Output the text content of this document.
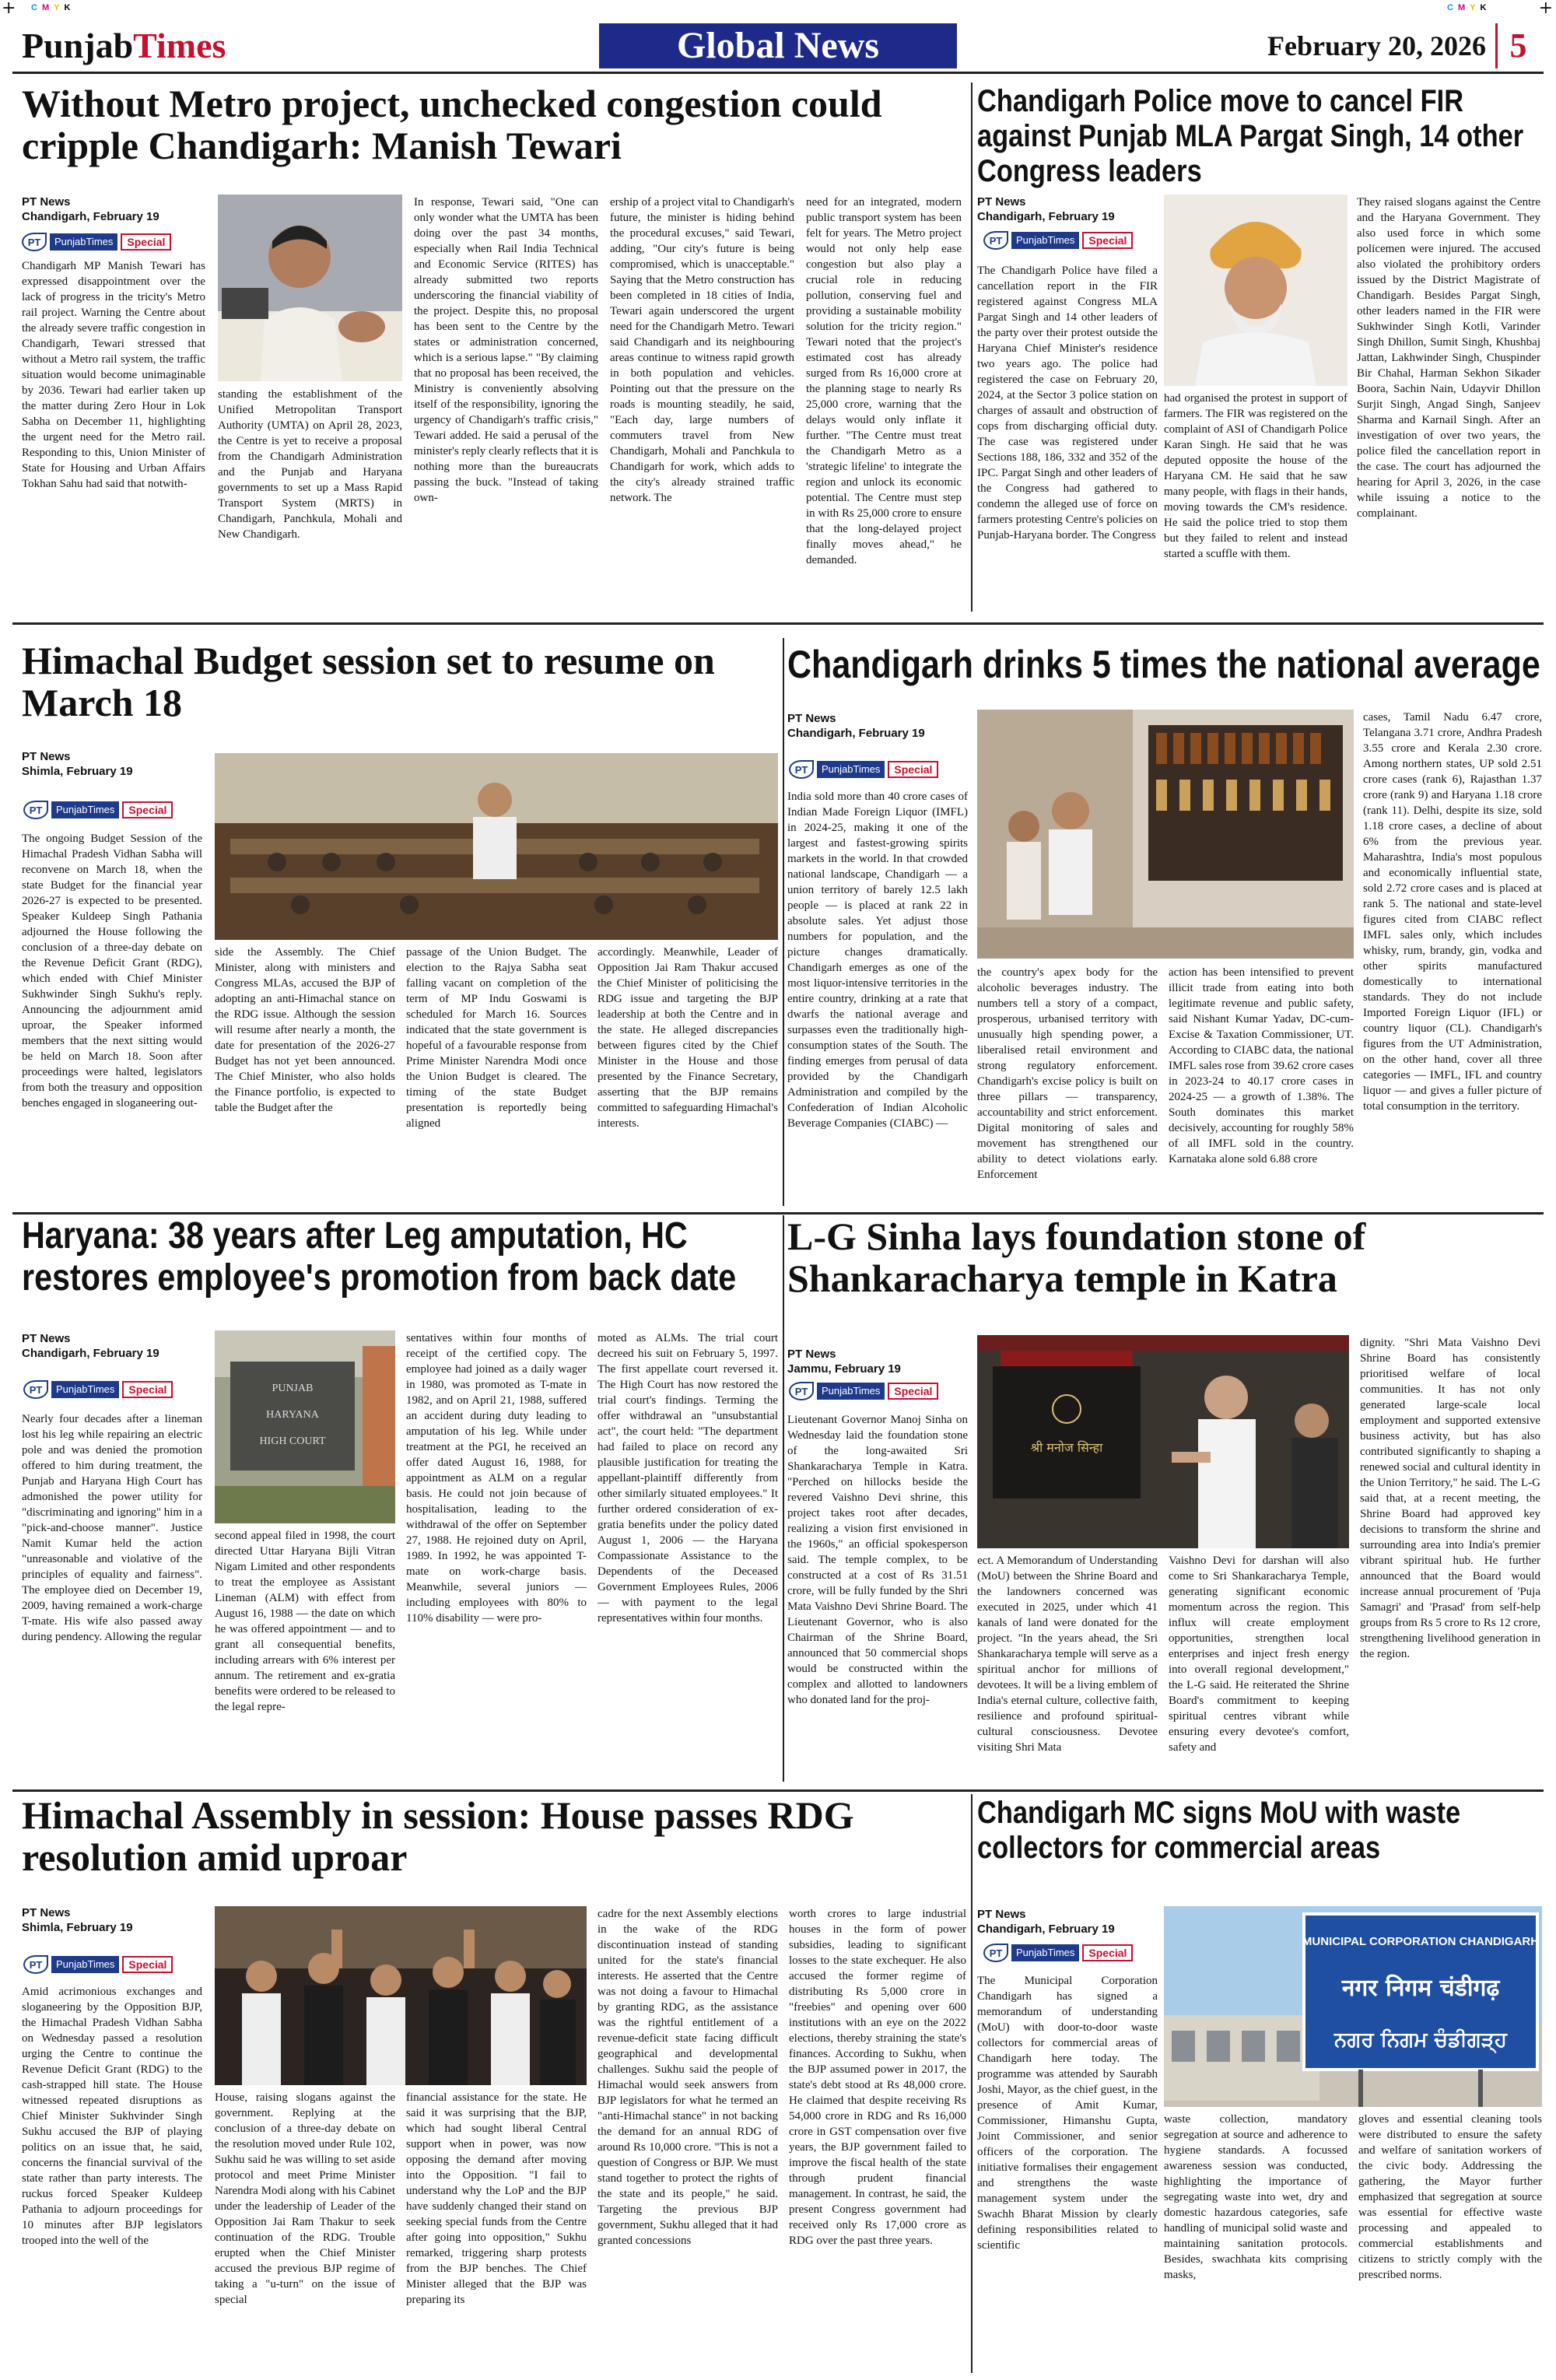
+ CMYK	CMYK	+
PunjabTimes	Global News	February 20, 2026 5
Without Metro project, unchecked congestion could cripple Chandigarh: Manish Tewari
PT News
Chandigarh, February 19
PT	PunjabTimes	Special
Chandigarh MP Manish Tewari has expressed disappointment over the lack of progress in the tricity's Metro rail project. Warning the Centre about the already severe traffic congestion in Chandigarh, Tewari stressed that without a Metro rail system, the traffic situation would become unimaginable by 2036. Tewari had earlier taken up the matter during Zero Hour in Lok Sabha on December 11, highlighting the urgent need for the Metro rail. Responding to this, Union Minister of State for Housing and Urban Affairs Tokhan Sahu had said that notwith-
standing the establishment of the Unified Metropolitan Transport Authority (UMTA) on April 28, 2023, the Centre is yet to receive a proposal from the Chandigarh Administration and the Punjab and Haryana governments to set up a Mass Rapid Transport System (MRTS) in Chandigarh, Panchkula, Mohali and New Chandigarh.
In response, Tewari said, "One can only wonder what the UMTA has been doing over the past 34 months, especially when Rail India Technical and Economic Service (RITES) has already submitted two reports underscoring the financial viability of the project. Despite this, no proposal has been sent to the Centre by the states or administration concerned, which is a serious lapse." "By claiming that no proposal has been received, the Ministry is conveniently absolving itself of the responsibility, ignoring the urgency of Chandigarh's traffic crisis," Tewari added. He said a perusal of the minister's reply clearly reflects that it is nothing more than the bureaucrats passing the buck. "Instead of taking own-
ership of a project vital to Chandigarh's future, the minister is hiding behind the procedural excuses," said Tewari, adding, "Our city's future is being compromised, which is unacceptable." Saying that the Metro construction has been completed in 18 cities of India, Tewari again underscored the urgent need for the Chandigarh Metro. Tewari said Chandigarh and its neighbouring areas continue to witness rapid growth in both population and vehicles. Pointing out that the pressure on the roads is mounting steadily, he said, "Each day, large numbers of commuters travel from New Chandigarh, Mohali and Panchkula to Chandigarh for work, which adds to the city's already strained traffic network. The
need for an integrated, modern public transport system has been felt for years. The Metro project would not only help ease congestion but also play a crucial role in reducing pollution, conserving fuel and providing a sustainable mobility solution for the tricity region." Tewari noted that the project's estimated cost has already surged from Rs 16,000 crore at the planning stage to nearly Rs 25,000 crore, warning that the delays would only inflate it further. "The Centre must treat the Chandigarh Metro as a 'strategic lifeline' to integrate the region and unlock its economic potential. The Centre must step in with Rs 25,000 crore to ensure that the long-delayed project finally moves ahead," he demanded.
Chandigarh Police move to cancel FIR against Punjab MLA Pargat Singh, 14 other Congress leaders
PT News
Chandigarh, February 19
PT	PunjabTimes	Special
The Chandigarh Police have filed a cancellation report in the FIR registered against Congress MLA Pargat Singh and 14 other leaders of the party over their protest outside the Haryana Chief Minister's residence two years ago. The police had registered the case on February 20, 2024, at the Sector 3 police station on charges of assault and obstruction of cops from discharging official duty. The case was registered under Sections 188, 186, 332 and 352 of the IPC. Pargat Singh and other leaders of the Congress had gathered to condemn the alleged use of force on farmers protesting Centre's policies on Punjab-Haryana border. The Congress
had organised the protest in support of farmers. The FIR was registered on the complaint of ASI of Chandigarh Police Karan Singh. He said that he was deputed opposite the house of the Haryana CM. He said that he saw many people, with flags in their hands, moving towards the CM's residence. He said the police tried to stop them but they failed to relent and instead started a scuffle with them.
They raised slogans against the Centre and the Haryana Government. They also used force in which some policemen were injured. The accused also violated the prohibitory orders issued by the District Magistrate of Chandigarh. Besides Pargat Singh, other leaders named in the FIR were Sukhwinder Singh Kotli, Varinder Singh Dhillon, Sumit Singh, Khushbaj Jattan, Lakhwinder Singh, Chuspinder Bir Chahal, Harman Sekhon Sikader Boora, Sachin Nain, Udayvir Dhillon Surjit Singh, Angad Singh, Sanjeev Sharma and Karnail Singh. After an investigation of over two years, the police filed the cancellation report in the case. The court has adjourned the hearing for April 3, 2026, in the case while issuing a notice to the complainant.
Himachal Budget session set to resume on March 18
PT News
Shimla, February 19
PT	PunjabTimes	Special
The ongoing Budget Session of the Himachal Pradesh Vidhan Sabha will reconvene on March 18, when the state Budget for the financial year 2026-27 is expected to be presented. Speaker Kuldeep Singh Pathania adjourned the House following the conclusion of a three-day debate on the Revenue Deficit Grant (RDG), which ended with Chief Minister Sukhwinder Singh Sukhu's reply. Announcing the adjournment amid uproar, the Speaker informed members that the next sitting would be held on March 18. Soon after proceedings were halted, legislators from both the treasury and opposition benches engaged in sloganeering out-
side the Assembly. The Chief Minister, along with ministers and Congress MLAs, accused the BJP of adopting an anti-Himachal stance on the RDG issue. Although the session will resume after nearly a month, the date for presentation of the 2026-27 Budget has not yet been announced. The Chief Minister, who also holds the Finance portfolio, is expected to table the Budget after the
passage of the Union Budget. The election to the Rajya Sabha seat falling vacant on completion of the term of MP Indu Goswami is scheduled for March 16. Sources indicated that the state government is hopeful of a favourable response from Prime Minister Narendra Modi once the Union Budget is cleared. The timing of the state Budget presentation is reportedly being aligned
accordingly. Meanwhile, Leader of Opposition Jai Ram Thakur accused the Chief Minister of politicising the RDG issue and targeting the BJP leadership at both the Centre and in the state. He alleged discrepancies between figures cited by the Chief Minister in the House and those presented by the Finance Secretary, asserting that the BJP remains committed to safeguarding Himachal's interests.
Chandigarh drinks 5 times the national average
PT News
Chandigarh, February 19
PT	PunjabTimes	Special
India sold more than 40 crore cases of Indian Made Foreign Liquor (IMFL) in 2024-25, making it one of the largest and fastest-growing spirits markets in the world. In that crowded national landscape, Chandigarh — a union territory of barely 12.5 lakh people — is placed at rank 22 in absolute sales. Yet adjust those numbers for population, and the picture changes dramatically. Chandigarh emerges as one of the most liquor-intensive territories in the entire country, drinking at a rate that dwarfs the national average and surpasses even the traditionally high-consumption states of the South. The finding emerges from perusal of data provided by the Chandigarh Administration and compiled by the Confederation of Indian Alcoholic Beverage Companies (CIABC) —
the country's apex body for the alcoholic beverages industry. The numbers tell a story of a compact, prosperous, urbanised territory with unusually high spending power, a liberalised retail environment and strong regulatory enforcement. Chandigarh's excise policy is built on three pillars — transparency, accountability and strict enforcement. Digital monitoring of sales and movement has strengthened our ability to detect violations early. Enforcement
action has been intensified to prevent illicit trade from eating into both legitimate revenue and public safety, said Nishant Kumar Yadav, DC-cum-Excise & Taxation Commissioner, UT. According to CIABC data, the national IMFL sales rose from 39.62 crore cases in 2023-24 to 40.17 crore cases in 2024-25 — a growth of 1.38%. The South dominates this market decisively, accounting for roughly 58% of all IMFL sold in the country. Karnataka alone sold 6.88 crore
cases, Tamil Nadu 6.47 crore, Telangana 3.71 crore, Andhra Pradesh 3.55 crore and Kerala 2.30 crore. Among northern states, UP sold 2.51 crore cases (rank 6), Rajasthan 1.37 crore (rank 9) and Haryana 1.18 crore (rank 11). Delhi, despite its size, sold 1.18 crore cases, a decline of about 6% from the previous year. Maharashtra, India's most populous and economically influential state, sold 2.72 crore cases and is placed at rank 5. The national and state-level figures cited from CIABC reflect IMFL sales only, which includes whisky, rum, brandy, gin, vodka and other spirits manufactured domestically to international standards. They do not include Imported Foreign Liquor (IFL) or country liquor (CL). Chandigarh's figures from the UT Administration, on the other hand, cover all three categories — IMFL, IFL and country liquor — and gives a fuller picture of total consumption in the territory.
Haryana: 38 years after Leg amputation, HC restores employee's promotion from back date
PT News
Chandigarh, February 19
PT	PunjabTimes	Special
Nearly four decades after a lineman lost his leg while repairing an electric pole and was denied the promotion offered to him during treatment, the Punjab and Haryana High Court has admonished the power utility for "discriminating and ignoring" him in a "pick-and-choose manner". Justice Namit Kumar held the action "unreasonable and violative of the principles of equality and fairness". The employee died on December 19, 2009, having remained a work-charge T-mate. His wife also passed away during pendency. Allowing the regular
PUNJAB
HARYANA
HIGH COURT
second appeal filed in 1998, the court directed Uttar Haryana Bijli Vitran Nigam Limited and other respondents to treat the employee as Assistant Lineman (ALM) with effect from August 16, 1988 — the date on which he was offered appointment — and to grant all consequential benefits, including arrears with 6% interest per annum. The retirement and ex-gratia benefits were ordered to be released to the legal repre-
sentatives within four months of receipt of the certified copy. The employee had joined as a daily wager in 1980, was promoted as T-mate in 1982, and on April 21, 1988, suffered an accident during duty leading to amputation of his leg. While under treatment at the PGI, he received an offer dated August 16, 1988, for appointment as ALM on a regular basis. He could not join because of hospitalisation, leading to the withdrawal of the offer on September 27, 1988. He rejoined duty on April, 1989. In 1992, he was appointed T-mate on work-charge basis. Meanwhile, several juniors — including employees with 80% to 110% disability — were pro-
moted as ALMs. The trial court decreed his suit on February 5, 1997. The first appellate court reversed it. The High Court has now restored the trial court's findings. Terming the offer withdrawal an "unsubstantial act", the court held: "The department had failed to place on record any plausible justification for treating the appellant-plaintiff differently from other similarly situated employees." It further ordered consideration of ex-gratia benefits under the policy dated August 1, 2006 — the Haryana Compassionate Assistance to the Dependents of the Deceased Government Employees Rules, 2006 — with payment to the legal representatives within four months.
L-G Sinha lays foundation stone of Shankaracharya temple in Katra
PT News
Jammu, February 19
PT	PunjabTimes	Special
Lieutenant Governor Manoj Sinha on Wednesday laid the foundation stone of the long-awaited Sri Shankaracharya Temple in Katra. "Perched on hillocks beside the revered Vaishno Devi shrine, this project takes root after decades, realizing a vision first envisioned in the 1960s," an official spokesperson said. The temple complex, to be constructed at a cost of Rs 31.51 crore, will be fully funded by the Shri Mata Vaishno Devi Shrine Board. The Lieutenant Governor, who is also Chairman of the Shrine Board, announced that 50 commercial shops would be constructed within the complex and allotted to landowners who donated land for the proj-
श्री मनोज सिन्हा
ect. A Memorandum of Understanding (MoU) between the Shrine Board and the landowners concerned was executed in 2025, under which 41 kanals of land were donated for the project. "In the years ahead, the Sri Shankaracharya temple will serve as a spiritual anchor for millions of devotees. It will be a living emblem of India's eternal culture, collective faith, resilience and profound spiritual-cultural consciousness. Devotee visiting Shri Mata
Vaishno Devi for darshan will also come to Sri Shankaracharya Temple, generating significant economic momentum across the region. This influx will create employment opportunities, strengthen local enterprises and inject fresh energy into overall regional development," the L-G said. He reiterated the Shrine Board's commitment to keeping spiritual centres vibrant while ensuring every devotee's comfort, safety and
dignity. "Shri Mata Vaishno Devi Shrine Board has consistently prioritised welfare of local communities. It has not only generated large-scale local employment and supported extensive business activity, but has also contributed significantly to shaping a renewed social and cultural identity in the Union Territory," he said. The L-G said that, at a recent meeting, the Shrine Board had approved key decisions to transform the shrine and surrounding area into India's premier vibrant spiritual hub. He further announced that the Board would increase annual procurement of 'Puja Samagri' and 'Prasad' from self-help groups from Rs 5 crore to Rs 12 crore, strengthening livelihood generation in the region.
Himachal Assembly in session: House passes RDG resolution amid uproar
PT News
Shimla, February 19
PT	PunjabTimes	Special
Amid acrimonious exchanges and sloganeering by the Opposition BJP, the Himachal Pradesh Vidhan Sabha on Wednesday passed a resolution urging the Centre to continue the Revenue Deficit Grant (RDG) to the cash-strapped hill state. The House witnessed repeated disruptions as Chief Minister Sukhvinder Singh Sukhu accused the BJP of playing politics on an issue that, he said, concerns the financial survival of the state rather than party interests. The ruckus forced Speaker Kuldeep Pathania to adjourn proceedings for 10 minutes after BJP legislators trooped into the well of the
House, raising slogans against the government. Replying at the conclusion of a three-day debate on the resolution moved under Rule 102, Sukhu said he was willing to set aside protocol and meet Prime Minister Narendra Modi along with his Cabinet under the leadership of Leader of the Opposition Jai Ram Thakur to seek continuation of the RDG. Trouble erupted when the Chief Minister accused the previous BJP regime of taking a "u-turn" on the issue of special
financial assistance for the state. He said it was surprising that the BJP, which had sought liberal Central support when in power, was now opposing the demand after moving into the Opposition. "I fail to understand why the LoP and the BJP have suddenly changed their stand on seeking special funds from the Centre after going into opposition," Sukhu remarked, triggering sharp protests from the BJP benches. The Chief Minister alleged that the BJP was preparing its
cadre for the next Assembly elections in the wake of the RDG discontinuation instead of standing united for the state's financial interests. He asserted that the Centre was not doing a favour to Himachal by granting RDG, as the assistance was the rightful entitlement of a revenue-deficit state facing difficult geographical and developmental challenges. Sukhu said the people of Himachal would seek answers from BJP legislators for what he termed an "anti-Himachal stance" in not backing the demand for an annual RDG of around Rs 10,000 crore. "This is not a question of Congress or BJP. We must stand together to protect the rights of the state and its people," he said. Targeting the previous BJP government, Sukhu alleged that it had granted concessions
worth crores to large industrial houses in the form of power subsidies, leading to significant losses to the state exchequer. He also accused the former regime of distributing Rs 5,000 crore in "freebies" and opening over 600 institutions with an eye on the 2022 elections, thereby straining the state's finances. According to Sukhu, when the BJP assumed power in 2017, the state's debt stood at Rs 48,000 crore. He claimed that despite receiving Rs 54,000 crore in RDG and Rs 16,000 crore in GST compensation over five years, the BJP government failed to improve the fiscal health of the state through prudent financial management. In contrast, he said, the present Congress government had received only Rs 17,000 crore as RDG over the past three years.
Chandigarh MC signs MoU with waste collectors for commercial areas
PT News
Chandigarh, February 19
PT	PunjabTimes	Special
The Municipal Corporation Chandigarh has signed a memorandum of understanding (MoU) with door-to-door waste collectors for commercial areas of Chandigarh here today. The programme was attended by Saurabh Joshi, Mayor, as the chief guest, in the presence of Amit Kumar, Commissioner, Himanshu Gupta, Joint Commissioner, and senior officers of the corporation. The initiative formalises their engagement and strengthens the waste management system under the Swachh Bharat Mission by clearly defining responsibilities related to scientific
MUNICIPAL CORPORATION CHANDIGARH
नगर निगम चंडीगढ़
ਨਗਰ ਨਿਗਮ ਚੰਡੀਗੜ੍ਹ
waste collection, mandatory segregation at source and adherence to hygiene standards. A focussed awareness session was conducted, highlighting the importance of segregating waste into wet, dry and domestic hazardous categories, safe handling of municipal solid waste and maintaining sanitation protocols. Besides, swachhata kits comprising masks,
gloves and essential cleaning tools were distributed to ensure the safety and welfare of sanitation workers of the civic body. Addressing the gathering, the Mayor further emphasized that segregation at source was essential for effective waste processing and appealed to commercial establishments and citizens to strictly comply with the prescribed norms.
